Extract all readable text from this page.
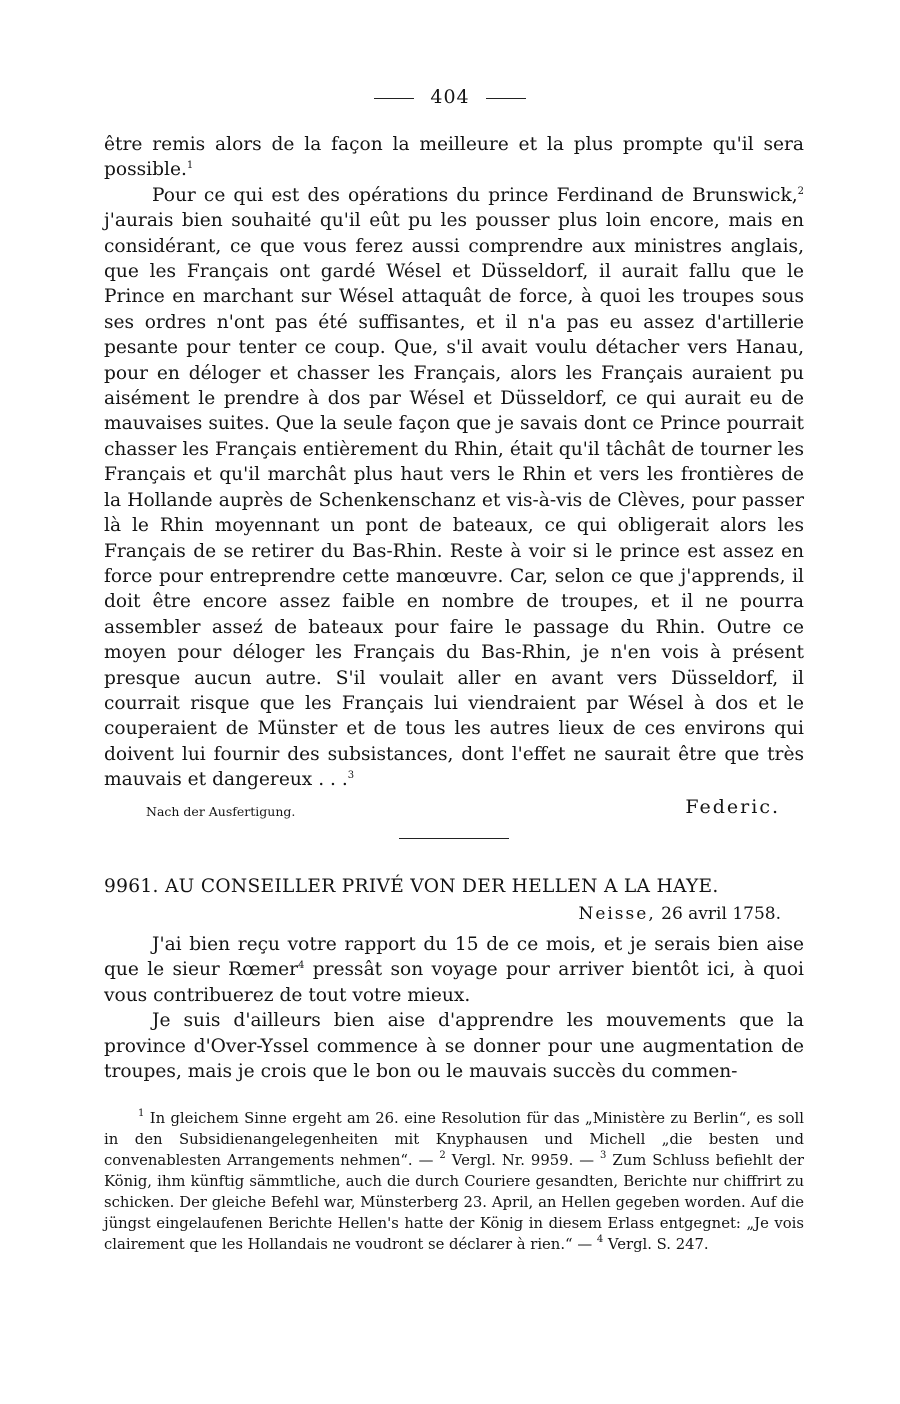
404

être remis alors de la façon la meilleure et la plus prompte qu'il sera possible.$^1$

Pour ce qui est des opérations du prince Ferdinand de Brunswick,$^2$ j'aurais bien souhaité qu'il eût pu les pousser plus loin encore, mais en considérant, ce que vous ferez aussi comprendre aux ministres anglais, que les Français ont gardé Wésel et Düsseldorf, il aurait fallu que le Prince en marchant sur Wésel attaquât de force, à quoi les troupes sous ses ordres n'ont pas été suffisantes, et il n'a pas eu assez d'artillerie pesante pour tenter ce coup. Que, s'il avait voulu détacher vers Hanau, pour en déloger et chasser les Français, alors les Français auraient pu aisément le prendre à dos par Wésel et Düsseldorf, ce qui aurait eu de mauvaises suites. Que la seule façon que je savais dont ce Prince pourrait chasser les Français entièrement du Rhin, était qu'il tâchât de tourner les Français et qu'il marchât plus haut vers le Rhin et vers les frontières de la Hollande auprès de Schenkenschanz et vis-à-vis de Clèves, pour passer là le Rhin moyennant un pont de bateaux, ce qui obligerait alors les Français de se retirer du Bas-Rhin. Reste à voir si le prince est assez en force pour entreprendre cette manœuvre. Car, selon ce que j'apprends, il doit être encore assez faible en nombre de troupes, et il ne pourra assembler asseź de bateaux pour faire le passage du Rhin. Outre ce moyen pour déloger les Français du Bas-Rhin, je n'en vois à présent presque aucun autre. S'il voulait aller en avant vers Düsseldorf, il courrait risque que les Français lui viendraient par Wésel à dos et le couperaient de Münster et de tous les autres lieux de ces environs qui doivent lui fournir des subsistances, dont l'effet ne saurait être que très mauvais et dangereux . . .$^3$

Nach der Ausfertigung.	Federic.
9961. AU CONSEILLER PRIVÉ VON DER HELLEN A LA HAYE.
Neisse, 26 avril 1758.

J'ai bien reçu votre rapport du 15 de ce mois, et je serais bien aise que le sieur Rœmer$^4$ pressât son voyage pour arriver bientôt ici, à quoi vous contribuerez de tout votre mieux.

Je suis d'ailleurs bien aise d'apprendre les mouvements que la province d'Over-Yssel commence à se donner pour une augmentation de troupes, mais je crois que le bon ou le mauvais succès du commen-

$^1$ In gleichem Sinne ergeht am 26. eine Resolution für das „Ministère zu Berlin“, es soll in den Subsidienangelegenheiten mit Knyphausen und Michell „die besten und convenablesten Arrangements nehmen“. — $^2$ Vergl. Nr. 9959. — $^3$ Zum Schluss befiehlt der König, ihm künftig sämmtliche, auch die durch Couriere gesandten, Berichte nur chiffrirt zu schicken. Der gleiche Befehl war, Münsterberg 23. April, an Hellen gegeben worden. Auf die jüngst eingelaufenen Berichte Hellen's hatte der König in diesem Erlass entgegnet: „Je vois clairement que les Hollandais ne voudront se déclarer à rien.“ — $^4$ Vergl. S. 247.
